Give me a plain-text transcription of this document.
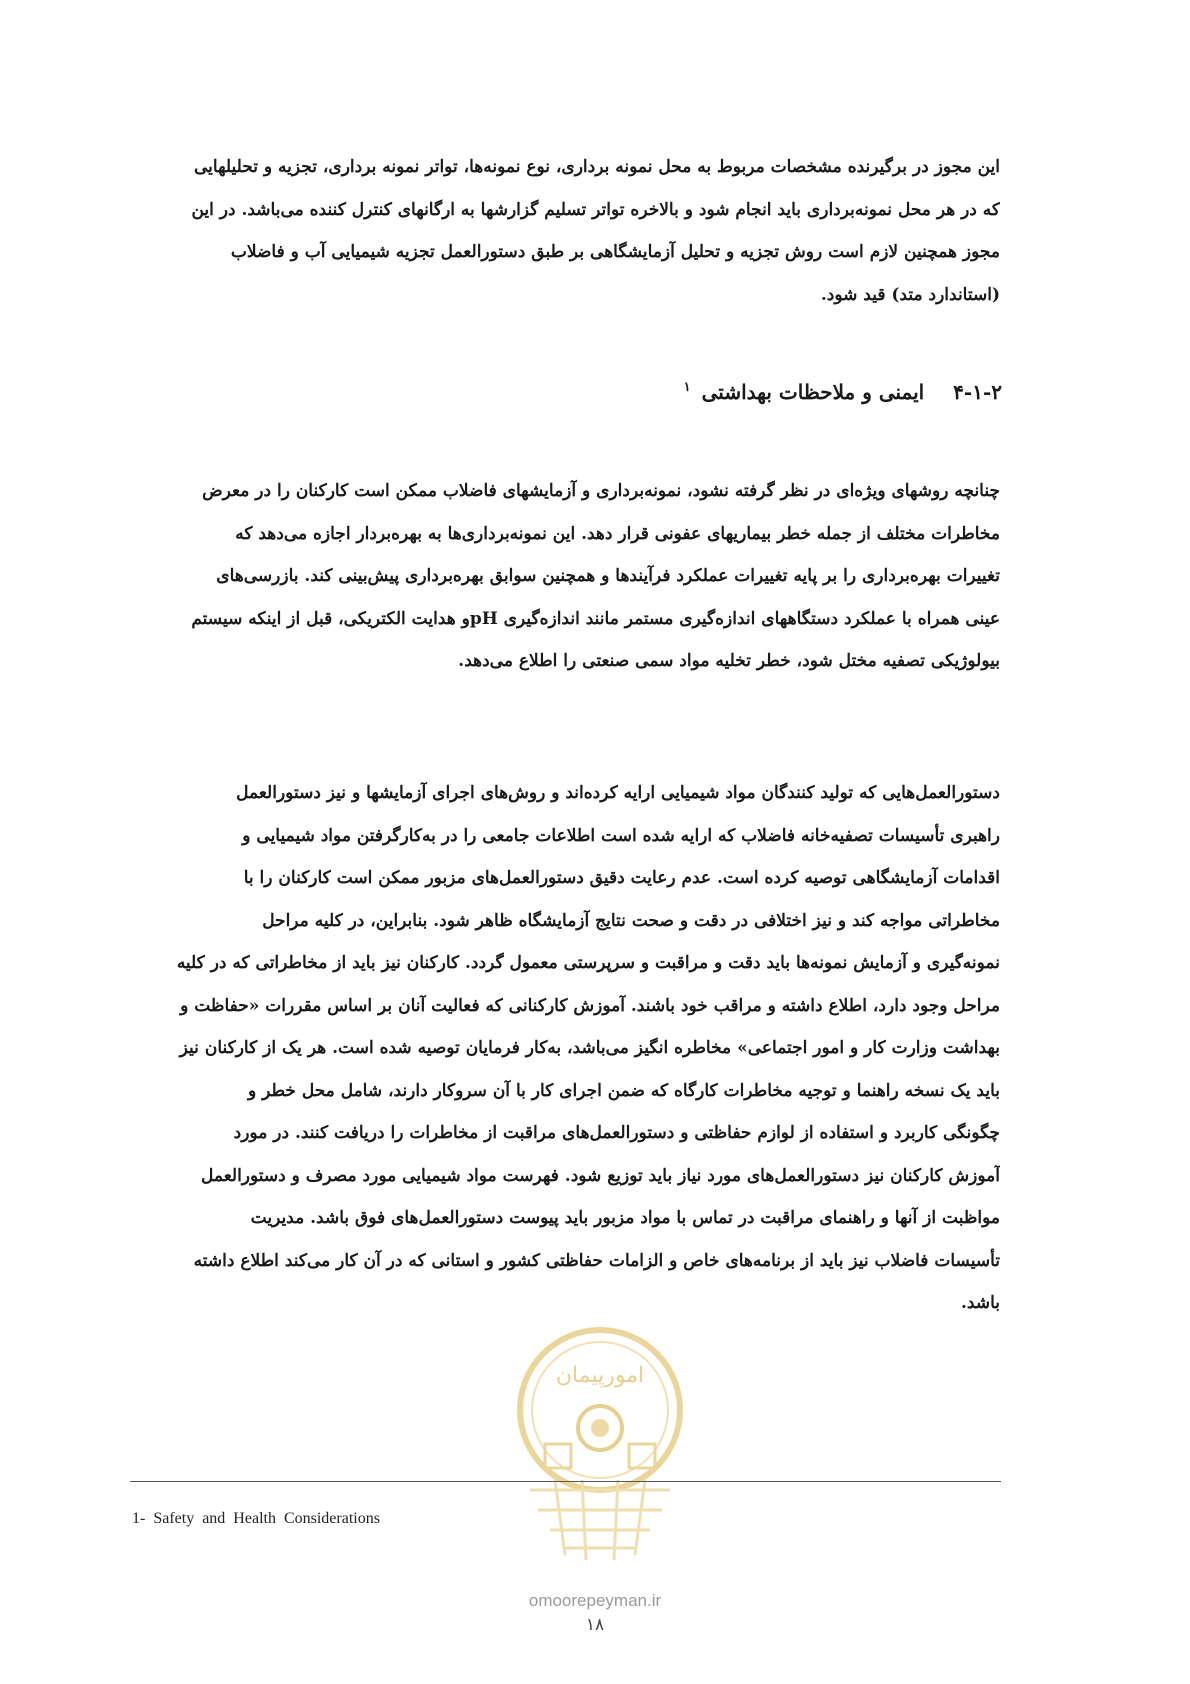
این مجوز در برگیرنده مشخصات مربوط به محل نمونه برداری، نوع نمونه‌ها، تواتر نمونه برداری، تجزیه و تحلیلهایی
که در هر محل نمونه‌برداری باید انجام شود و بالاخره تواتر تسلیم گزارشها به ارگانهای کنترل کننده می‌باشد. در این
مجوز همچنین لازم است روش تجزیه و تحلیل آزمایشگاهی بر طبق دستورالعمل تجزیه شیمیایی آب و فاضلاب
(استاندارد متد) قید شود.
۴-۱-۲ ایمنی و ملاحظات بهداشتی $^۱$
چنانچه روشهای ویژه‌ای در نظر گرفته نشود، نمونه‌برداری و آزمایشهای فاضلاب ممکن است کارکنان را در معرض
مخاطرات مختلف از جمله خطر بیماریهای عفونی قرار دهد. این نمونه‌برداری‌ها به بهره‌بردار اجازه می‌دهد که
تغییرات بهره‌برداری را بر پایه تغییرات عملکرد فرآیندها و همچنین سوابق بهره‌برداری پیش‌بینی کند. بازرسی‌های
عینی همراه با عملکرد دستگاههای اندازه‌گیری مستمر مانند اندازه‌گیری pHو هدایت الکتریکی، قبل از اینکه سیستم
بیولوژیکی تصفیه مختل شود، خطر تخلیه مواد سمی صنعتی را اطلاع می‌دهد.
دستورالعمل‌هایی که تولید کنندگان مواد شیمیایی ارایه کرده‌اند و روش‌های اجرای آزمایشها و نیز دستورالعمل
راهبری تأسیسات تصفیه‌خانه فاضلاب که ارایه شده است اطلاعات جامعی را در به‌کارگرفتن مواد شیمیایی و
اقدامات آزمایشگاهی توصیه کرده است. عدم رعایت دقیق دستورالعمل‌های مزبور ممکن است کارکنان را با
مخاطراتی مواجه کند و نیز اختلافی در دقت و صحت نتایج آزمایشگاه ظاهر شود. بنابراین، در کلیه مراحل
نمونه‌گیری و آزمایش نمونه‌ها باید دقت و مراقبت و سرپرستی معمول گردد. کارکنان نیز باید از مخاطراتی که در کلیه
مراحل وجود دارد، اطلاع داشته و مراقب خود باشند. آموزش کارکنانی که فعالیت آنان بر اساس مقررات «حفاظت و
بهداشت وزارت کار و امور اجتماعی» مخاطره انگیز می‌باشد، به‌کار فرمایان توصیه شده است. هر یک از کارکنان نیز
باید یک نسخه راهنما و توجیه مخاطرات کارگاه که ضمن اجرای کار با آن سروکار دارند، شامل محل خطر و
چگونگی کاربرد و استفاده از لوازم حفاظتی و دستورالعمل‌های مراقبت از مخاطرات را دریافت کنند. در مورد
آموزش کارکنان نیز دستورالعمل‌های مورد نیاز باید توزیع شود. فهرست مواد شیمیایی مورد مصرف و دستورالعمل
مواظبت از آنها و راهنمای مراقبت در تماس با مواد مزبور باید پیوست دستورالعمل‌های فوق باشد. مدیریت
تأسیسات فاضلاب نیز باید از برنامه‌های خاص و الزامات حفاظتی کشور و استانی که در آن کار می‌کند اطلاع داشته
باشد.
امورپیمان
1- Safety and Health Considerations
omoorepeyman.ir
۱۸
